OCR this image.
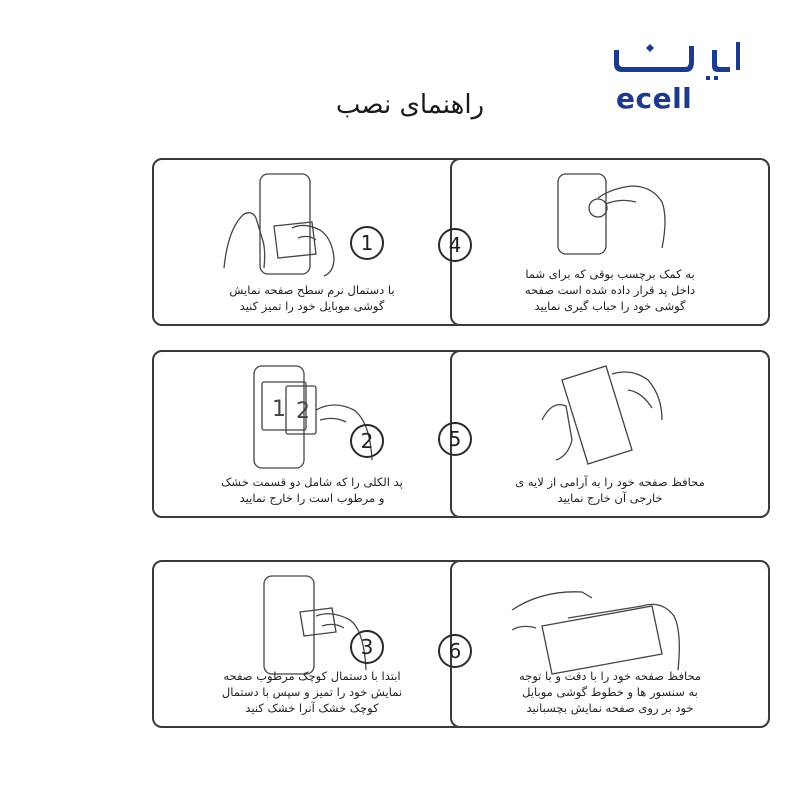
ecell
راهنمای نصب
1
با دستمال نرم سطح صفحه نمایش
گوشی موبایل خود را تمیز کنید
4
به کمک برچسب بوقی که برای شما
داخل پد قرار داده شده است صفحه
گوشی خود را حباب گیری نمایید
1 2
2
پد الکلی را که شامل دو قسمت خشک
و مرطوب است را خارج نمایید
5
محافظ صفحه خود را به آرامی از لایه ی
خارجی آن خارج نمایید
3
ابتدا با دستمال کوچک مرطوب صفحه
نمایش خود را تمیز و سپس با دستمال
کوچک خشک آنرا خشک کنید
6
محافظ صفحه خود را با دقت و با توجه
به سنسور ها و خطوط گوشی موبایل
خود بر روی صفحه نمایش بچسبانید
